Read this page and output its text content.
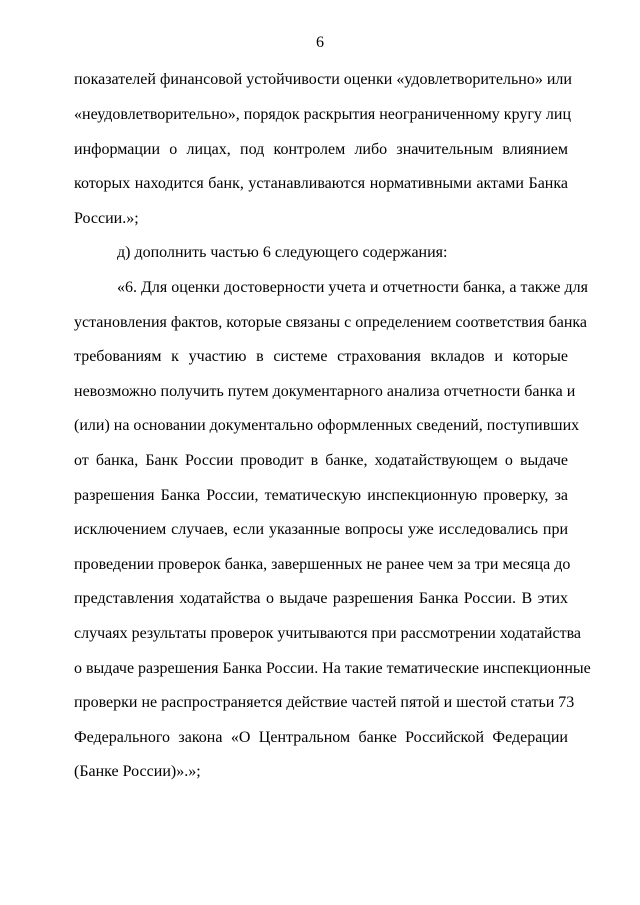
6
показателей финансовой устойчивости оценки «удовлетворительно» или
«неудовлетворительно», порядок раскрытия неограниченному кругу лиц
информации о лицах, под контролем либо значительным влиянием
которых находится банк, устанавливаются нормативными актами Банка
России.»;
д) дополнить частью 6 следующего содержания:
«6. Для оценки достоверности учета и отчетности банка, а также для
установления фактов, которые связаны с определением соответствия банка
требованиям к участию в системе страхования вкладов и которые
невозможно получить путем документарного анализа отчетности банка и
(или) на основании документально оформленных сведений, поступивших
от банка, Банк России проводит в банке, ходатайствующем о выдаче
разрешения Банка России, тематическую инспекционную проверку, за
исключением случаев, если указанные вопросы уже исследовались при
проведении проверок банка, завершенных не ранее чем за три месяца до
представления ходатайства о выдаче разрешения Банка России. В этих
случаях результаты проверок учитываются при рассмотрении ходатайства
о выдаче разрешения Банка России. На такие тематические инспекционные
проверки не распространяется действие частей пятой и шестой статьи 73
Федерального закона «О Центральном банке Российской Федерации
(Банке России)».»;
